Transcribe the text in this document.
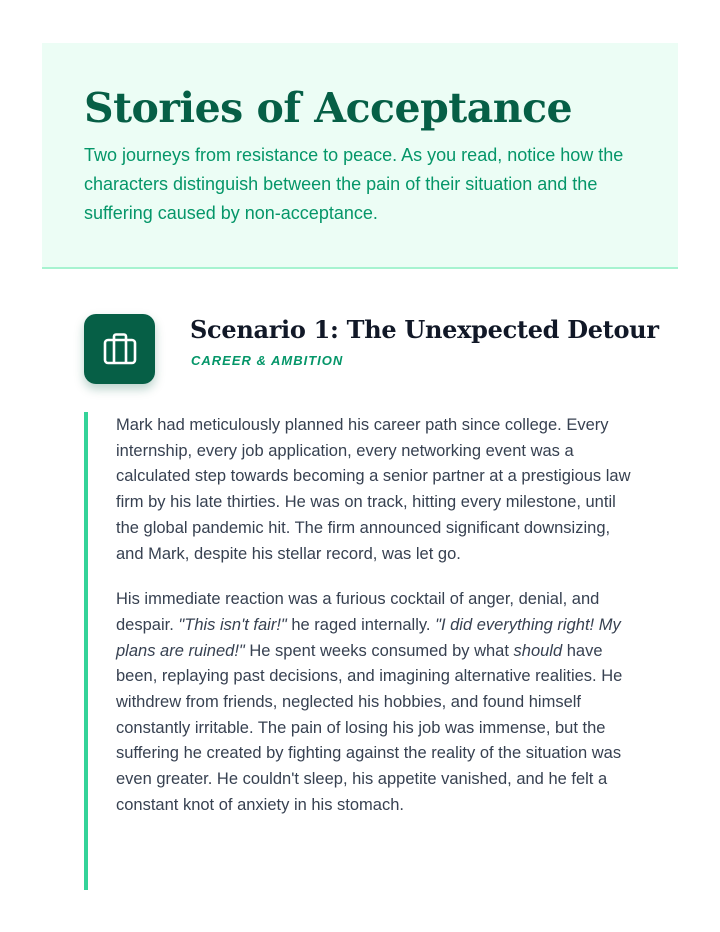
Stories of Acceptance

Two journeys from resistance to peace. As you read, notice how the characters distinguish between the pain of their situation and the suffering caused by non-acceptance.

Scenario 1: The Unexpected Detour
CAREER & AMBITION

Mark had meticulously planned his career path since college. Every internship, every job application, every networking event was a calculated step towards becoming a senior partner at a prestigious law firm by his late thirties. He was on track, hitting every milestone, until the global pandemic hit. The firm announced significant downsizing, and Mark, despite his stellar record, was let go.

His immediate reaction was a furious cocktail of anger, denial, and despair. "This isn't fair!" he raged internally. "I did everything right! My plans are ruined!" He spent weeks consumed by what should have been, replaying past decisions, and imagining alternative realities. He withdrew from friends, neglected his hobbies, and found himself constantly irritable. The pain of losing his job was immense, but the suffering he created by fighting against the reality of the situation was even greater. He couldn't sleep, his appetite vanished, and he felt a constant knot of anxiety in his stomach.
